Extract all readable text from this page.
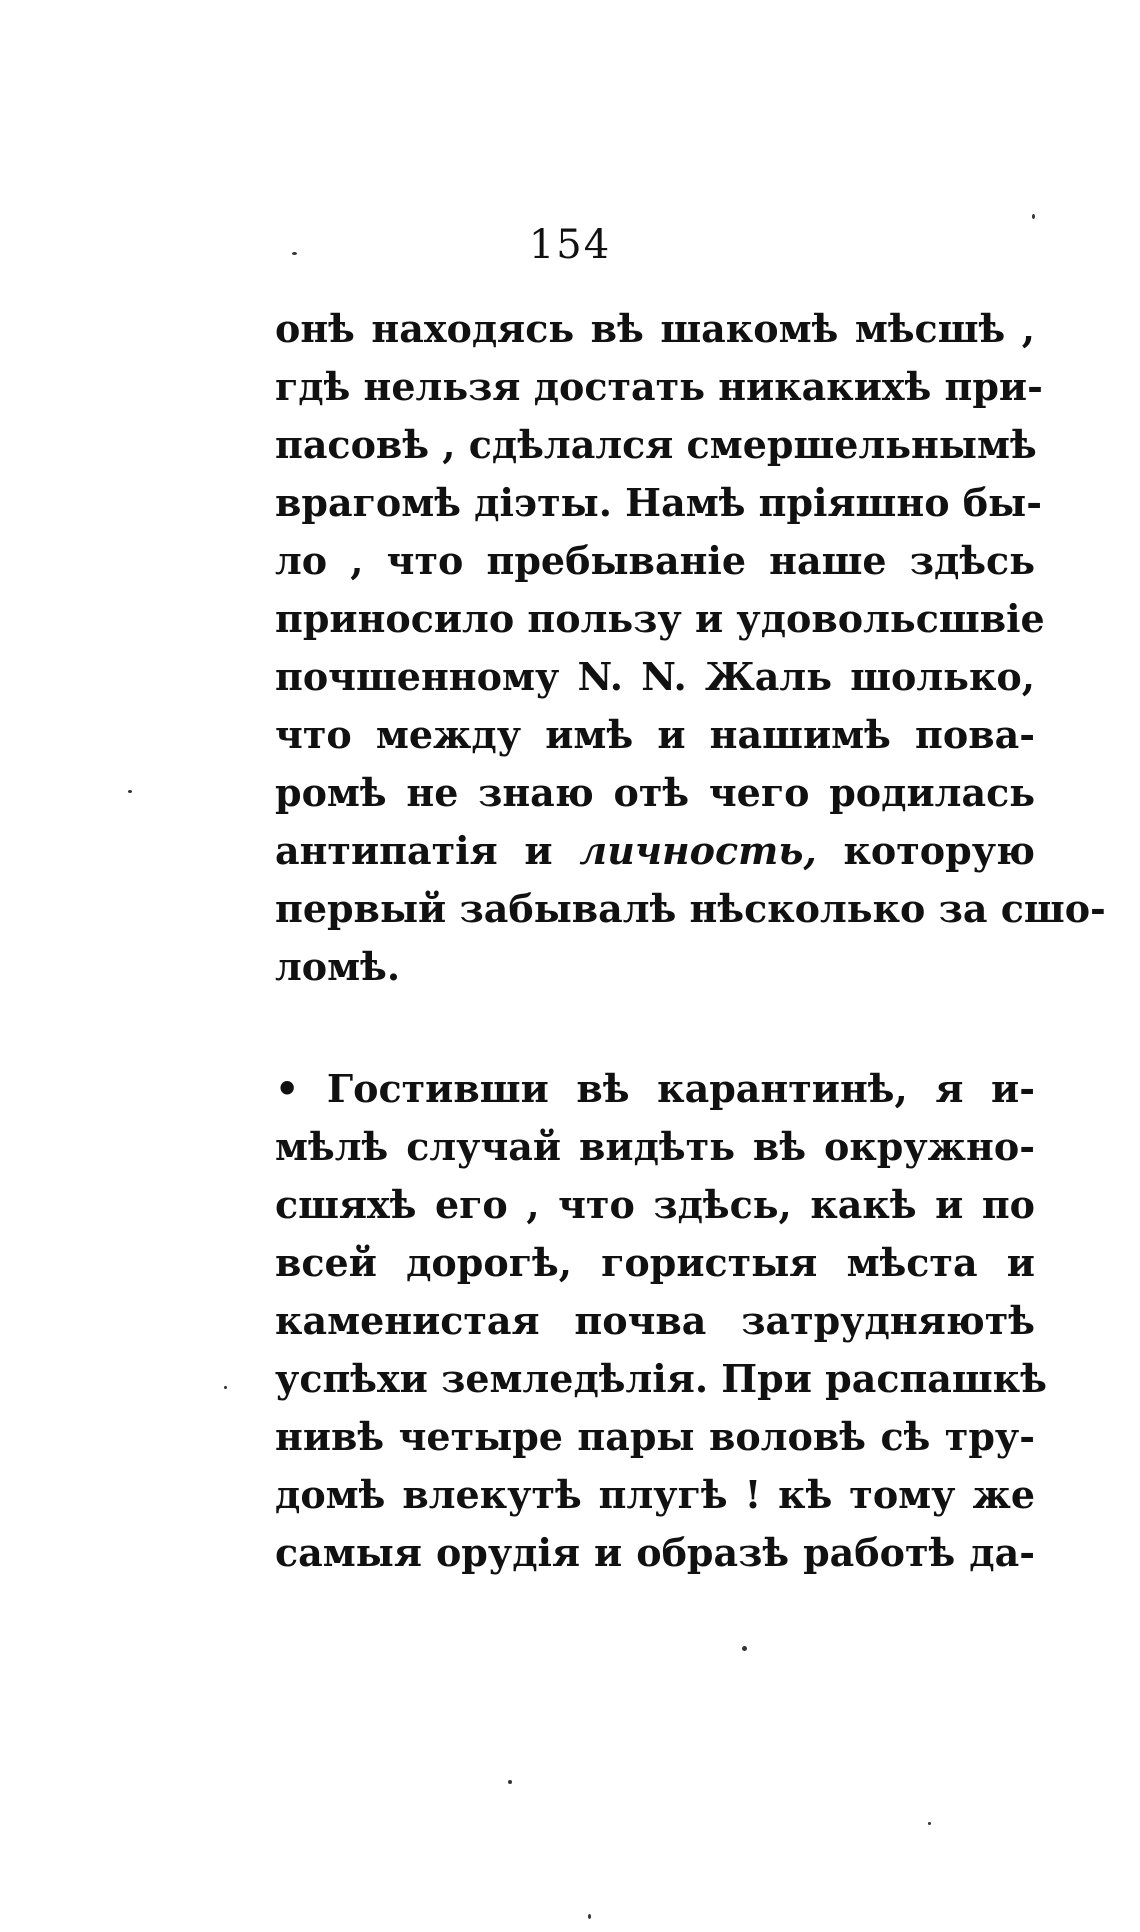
154
онѣ находясь вѣ шакомѣ мѣсшѣ ,
гдѣ нельзя достать никакихѣ при-
пасовѣ , сдѣлался смершельнымѣ
врагомѣ діэты. Намѣ пріяшно бы-
ло , что пребываніе наше здѣсь
приносило пользу и удовольсшвіе
почшенному N. N. Жаль шолько,
что между имѣ и нашимѣ пова-
ромѣ не знаю отѣ чего родилась
антипатія и личность, которую
первый забывалѣ нѣсколько за сшо-
ломѣ.
• Гостивши вѣ карантинѣ, я и-
мѣлѣ случай видѣть вѣ окружно-
сшяхѣ его , что здѣсь, какѣ и по
всей дорогѣ, гористыя мѣста и
каменистая почва затрудняютѣ
успѣхи земледѣлія. При распашкѣ
нивѣ четыре пары воловѣ сѣ тру-
домѣ влекутѣ плугѣ ! кѣ тому же
самыя орудія и образѣ работѣ да-
